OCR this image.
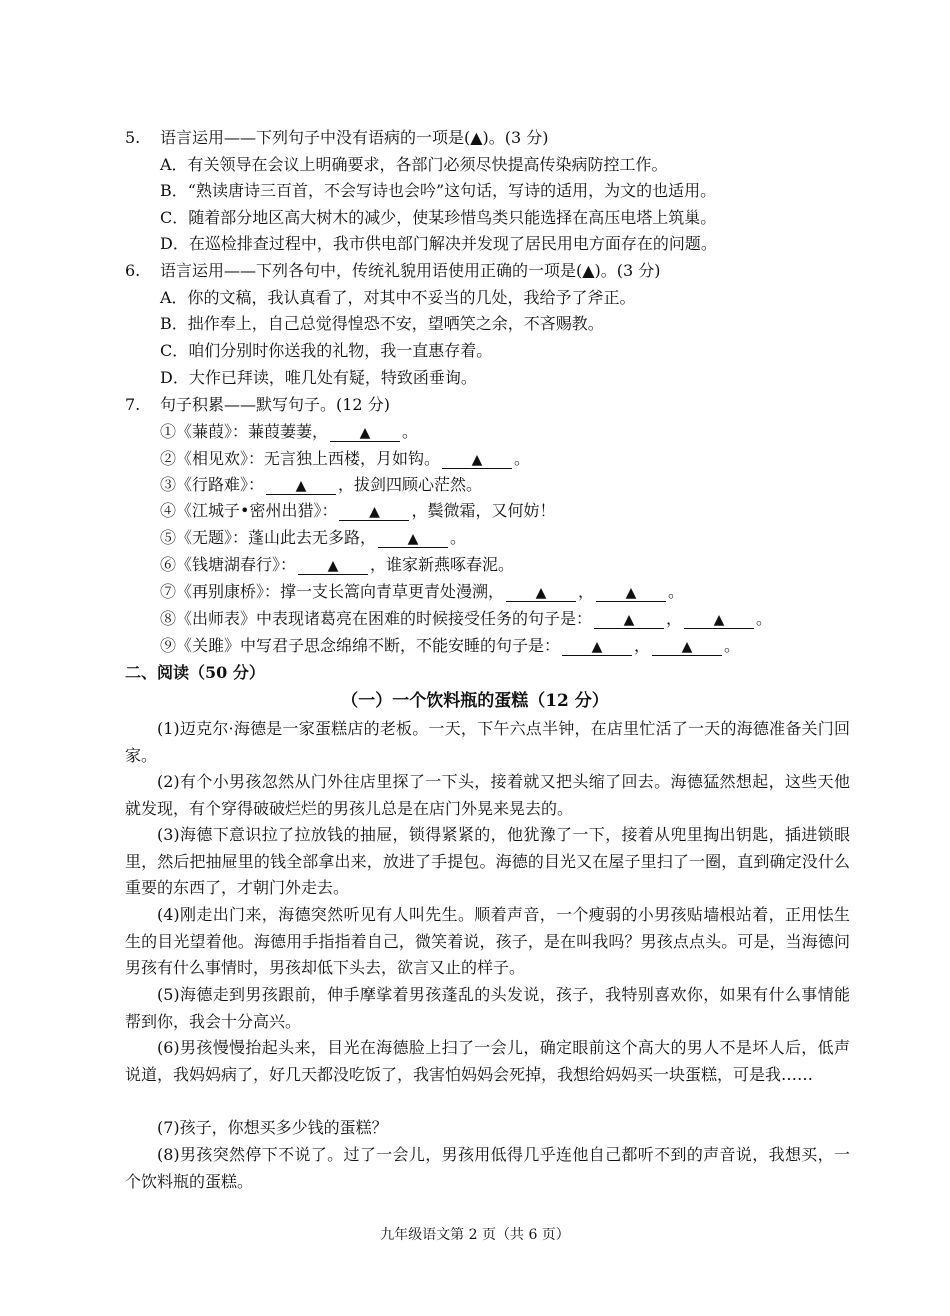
5. 语言运用——下列句子中没有语病的一项是(▲)。(3 分)
A．有关领导在会议上明确要求，各部门必须尽快提高传染病防控工作。
B．“熟读唐诗三百首，不会写诗也会吟”这句话，写诗的适用，为文的也适用。
C．随着部分地区高大树木的减少，使某珍惜鸟类只能选择在高压电塔上筑巢。
D．在巡检排查过程中，我市供电部门解决并发现了居民用电方面存在的问题。
6. 语言运用——下列各句中，传统礼貌用语使用正确的一项是(▲)。(3 分)
A．你的文稿，我认真看了，对其中不妥当的几处，我给予了斧正。
B．拙作奉上，自己总觉得惶恐不安，望哂笑之余，不吝赐教。
C．咱们分别时你送我的礼物，我一直惠存着。
D．大作已拜读，唯几处有疑，特致函垂询。
7. 句子积累——默写句子。(12 分)
①《蒹葭》：蒹葭萋萋， ▲	。
②《相见欢》：无言独上西楼，月如钩。 ▲	。
③《行路难》： ▲	，拔剑四顾心茫然。
④《江城子•密州出猎》： ▲	，鬓微霜，又何妨！
⑤《无题》：蓬山此去无多路， ▲	。
⑥《钱塘湖春行》： ▲	，谁家新燕啄春泥。
⑦《再别康桥》：撑一支长篙向青草更青处漫溯， ▲	， ▲	。
⑧《出师表》中表现诸葛亮在困难的时候接受任务的句子是： ▲	， ▲	。
⑨《关雎》中写君子思念绵绵不断，不能安睡的句子是： ▲	， ▲	。
二、阅读（50 分）
（一）一个饮料瓶的蛋糕（12 分）
(1)迈克尔·海德是一家蛋糕店的老板。一天，下午六点半钟，在店里忙活了一天的海德准备关门回家。
(2)有个小男孩忽然从门外往店里探了一下头，接着就又把头缩了回去。海德猛然想起，这些天他就发现，有个穿得破破烂烂的男孩儿总是在店门外晃来晃去的。
(3)海德下意识拉了拉放钱的抽屉，锁得紧紧的，他犹豫了一下，接着从兜里掏出钥匙，插进锁眼里，然后把抽屉里的钱全部拿出来，放进了手提包。海德的目光又在屋子里扫了一圈，直到确定没什么重要的东西了，才朝门外走去。
(4)刚走出门来，海德突然听见有人叫先生。顺着声音，一个瘦弱的小男孩贴墙根站着，正用怯生生的目光望着他。海德用手指指着自己，微笑着说，孩子，是在叫我吗？男孩点点头。可是，当海德问男孩有什么事情时，男孩却低下头去，欲言又止的样子。
(5)海德走到男孩跟前，伸手摩挲着男孩蓬乱的头发说，孩子，我特别喜欢你，如果有什么事情能帮到你，我会十分高兴。
(6)男孩慢慢抬起头来，目光在海德脸上扫了一会儿，确定眼前这个高大的男人不是坏人后，低声说道，我妈妈病了，好几天都没吃饭了，我害怕妈妈会死掉，我想给妈妈买一块蛋糕，可是我……
(7)孩子，你想买多少钱的蛋糕？
(8)男孩突然停下不说了。过了一会儿，男孩用低得几乎连他自己都听不到的声音说，我想买，一个饮料瓶的蛋糕。
九年级语文第 2 页（共 6 页）
